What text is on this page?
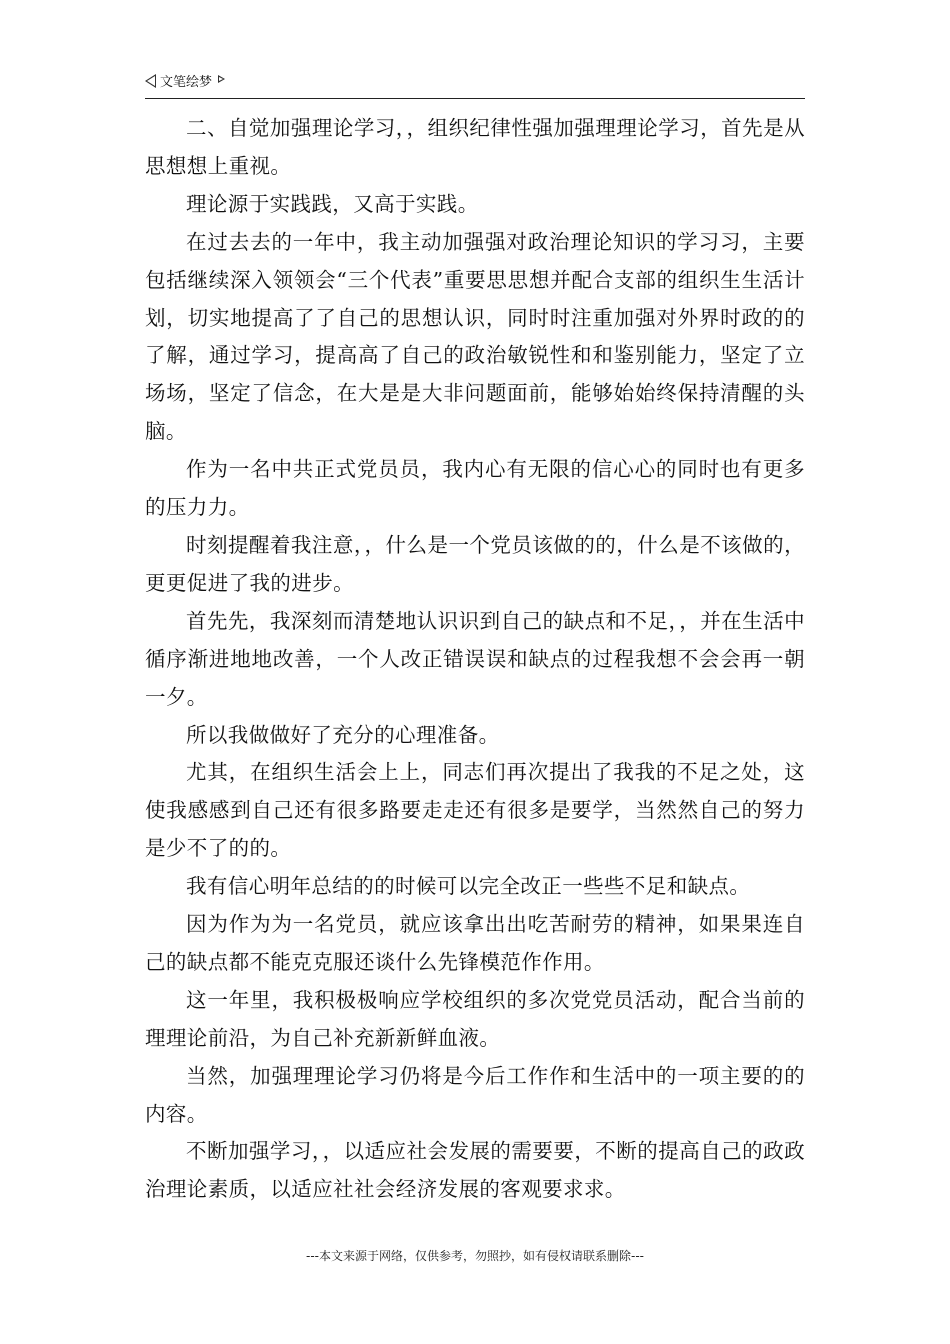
文笔绘梦

二、自觉加强理论学习，，组织纪律性强加强理理论学习，首先是从思想想上重视。

理论源于实践践，又高于实践。

在过去去的一年中，我主动加强强对政治理论知识的学习习，主要包括继续深入领领会“三个代表”重要思思想并配合支部的组织生生活计划，切实地提高了了自己的思想认识，同时时注重加强对外界时政的的了解，通过学习，提高高了自己的政治敏锐性和和鉴别能力，坚定了立场场，坚定了信念，在大是是大非问题面前，能够始始终保持清醒的头脑。

作为一名中共正式党员员，我内心有无限的信心心的同时也有更多的压力力。

时刻提醒着我注意，，什么是一个党员该做的的，什么是不该做的，更更促进了我的进步。

首先先，我深刻而清楚地认识识到自己的缺点和不足，，并在生活中循序渐进地地改善，一个人改正错误误和缺点的过程我想不会会再一朝一夕。

所以我做做好了充分的心理准备。

尤其，在组织生活会上上，同志们再次提出了我我的不足之处，这使我感感到自己还有很多路要走走还有很多是要学，当然然自己的努力是少不了的的。

我有信心明年总结的的时候可以完全改正一些些不足和缺点。

因为作为为一名党员，就应该拿出出吃苦耐劳的精神，如果果连自己的缺点都不能克克服还谈什么先锋模范作作用。

这一年里，我积极极响应学校组织的多次党党员活动，配合当前的理理论前沿，为自己补充新新鲜血液。

当然，加强理理论学习仍将是今后工作作和生活中的一项主要的的内容。

不断加强学习，，以适应社会发展的需要要，不断的提高自己的政政治理论素质，以适应社社会经济发展的客观要求求。

---本文来源于网络，仅供参考，勿照抄，如有侵权请联系删除---
